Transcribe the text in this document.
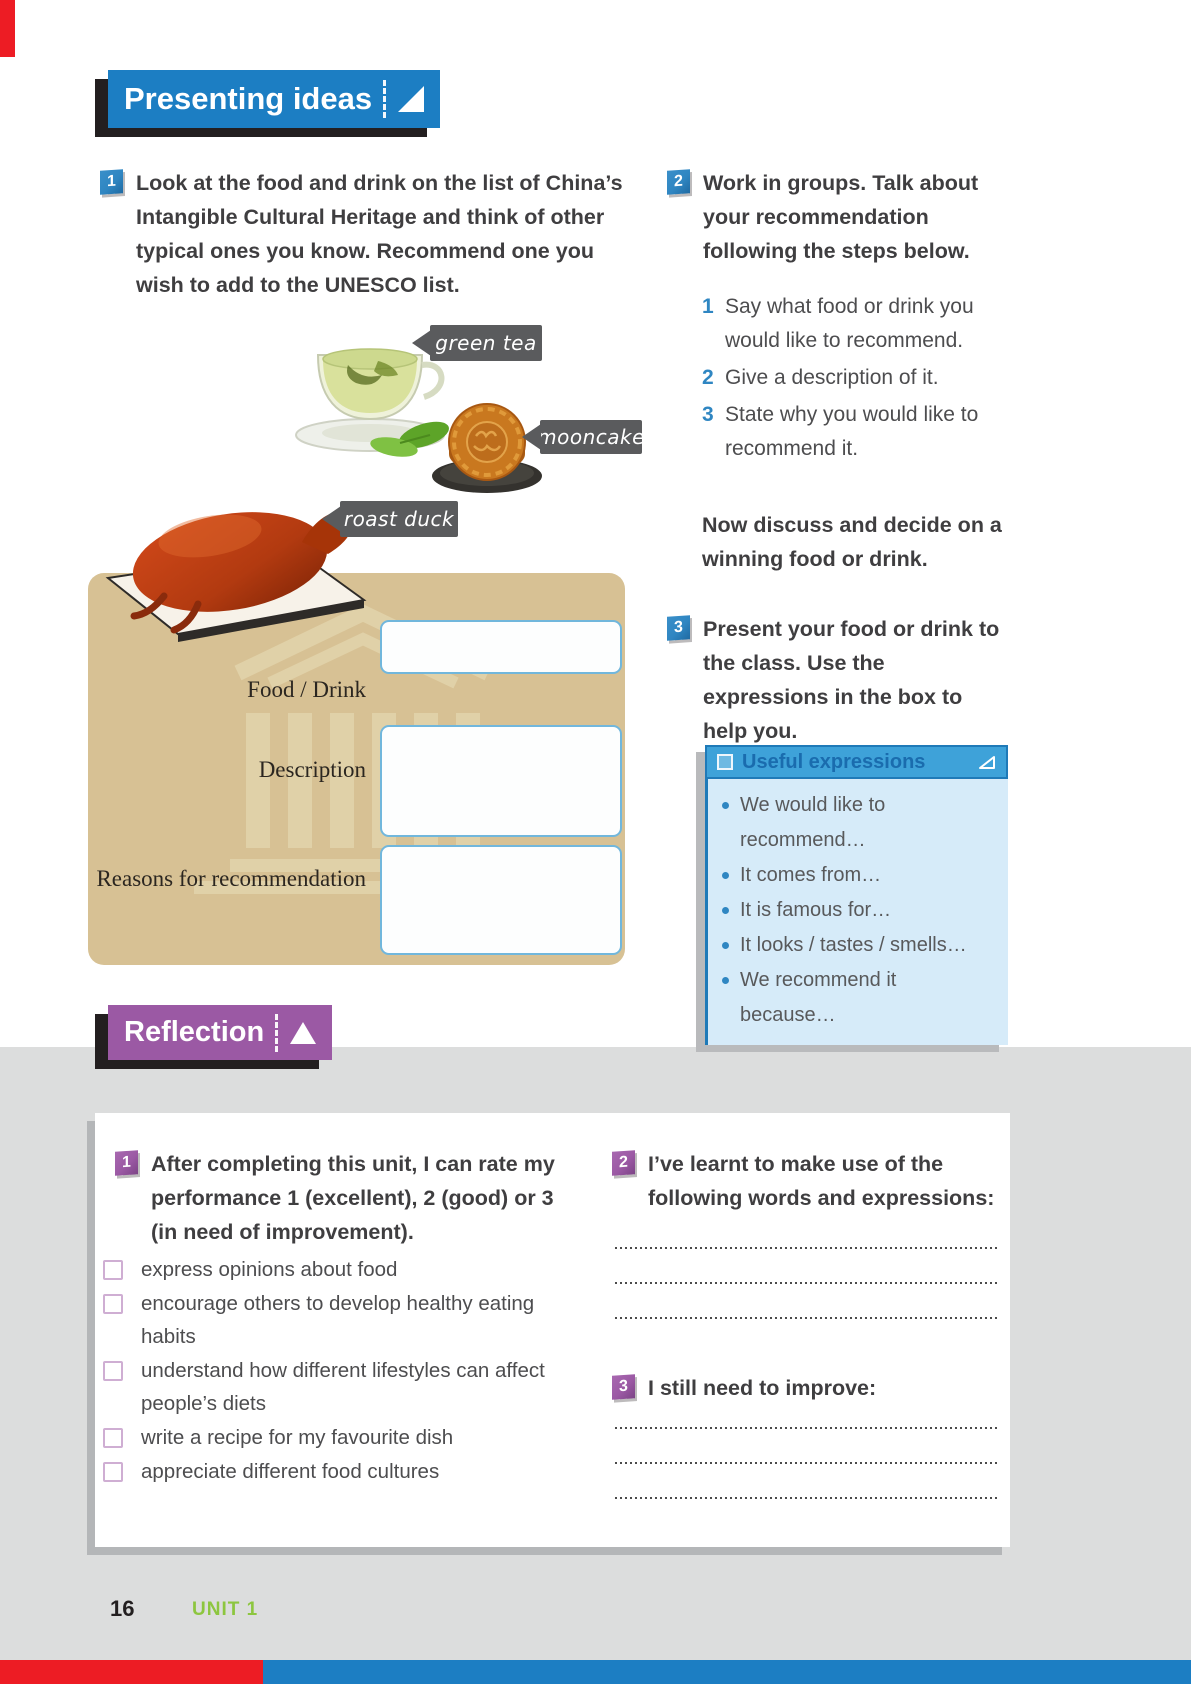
Presenting ideas
1 Look at the food and drink on the list of China’s Intangible Cultural Heritage and think of other typical ones you know. Recommend one you wish to add to the UNESCO list.
green tea
mooncake
Food / Drink
Description
Reasons for recommendation
roast duck
2 Work in groups. Talk about your recommendation following the steps below.
1 Say what food or drink you would like to recommend.
2 Give a description of it.
3 State why you would like to recommend it.
Now discuss and decide on a winning food or drink.
3 Present your food or drink to the class. Use the expressions in the box to help you.
Useful expressions
We would like to recommend…
It comes from…
It is famous for…
It looks / tastes / smells…
We recommend it because…
Reflection
1 After completing this unit, I can rate my performance 1 (excellent), 2 (good) or 3 (in need of improvement).
express opinions about food
encourage others to develop healthy eating habits
understand how different lifestyles can affect people’s diets
write a recipe for my favourite dish
appreciate different food cultures
2 I’ve learnt to make use of the following words and expressions:
3 I still need to improve:
16	UNIT 1
